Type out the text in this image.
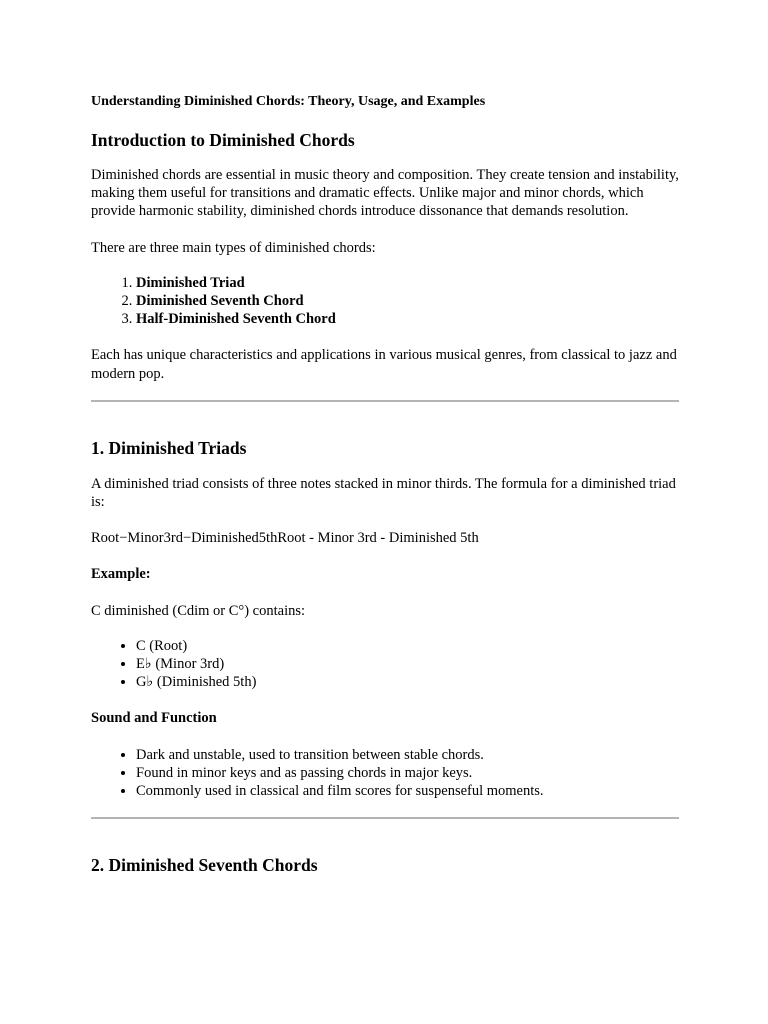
Understanding Diminished Chords: Theory, Usage, and Examples

Introduction to Diminished Chords

Diminished chords are essential in music theory and composition. They create tension and instability, making them useful for transitions and dramatic effects. Unlike major and minor chords, which provide harmonic stability, diminished chords introduce dissonance that demands resolution.

There are three main types of diminished chords:

1. Diminished Triad
2. Diminished Seventh Chord
3. Half-Diminished Seventh Chord

Each has unique characteristics and applications in various musical genres, from classical to jazz and modern pop.

1. Diminished Triads

A diminished triad consists of three notes stacked in minor thirds. The formula for a diminished triad is:

Root−Minor3rd−Diminished5thRoot - Minor 3rd - Diminished 5th

Example:

C diminished (Cdim or C°) contains:

• C (Root)
• E♭ (Minor 3rd)
• G♭ (Diminished 5th)

Sound and Function

• Dark and unstable, used to transition between stable chords.
• Found in minor keys and as passing chords in major keys.
• Commonly used in classical and film scores for suspenseful moments.
2. Diminished Seventh Chords
